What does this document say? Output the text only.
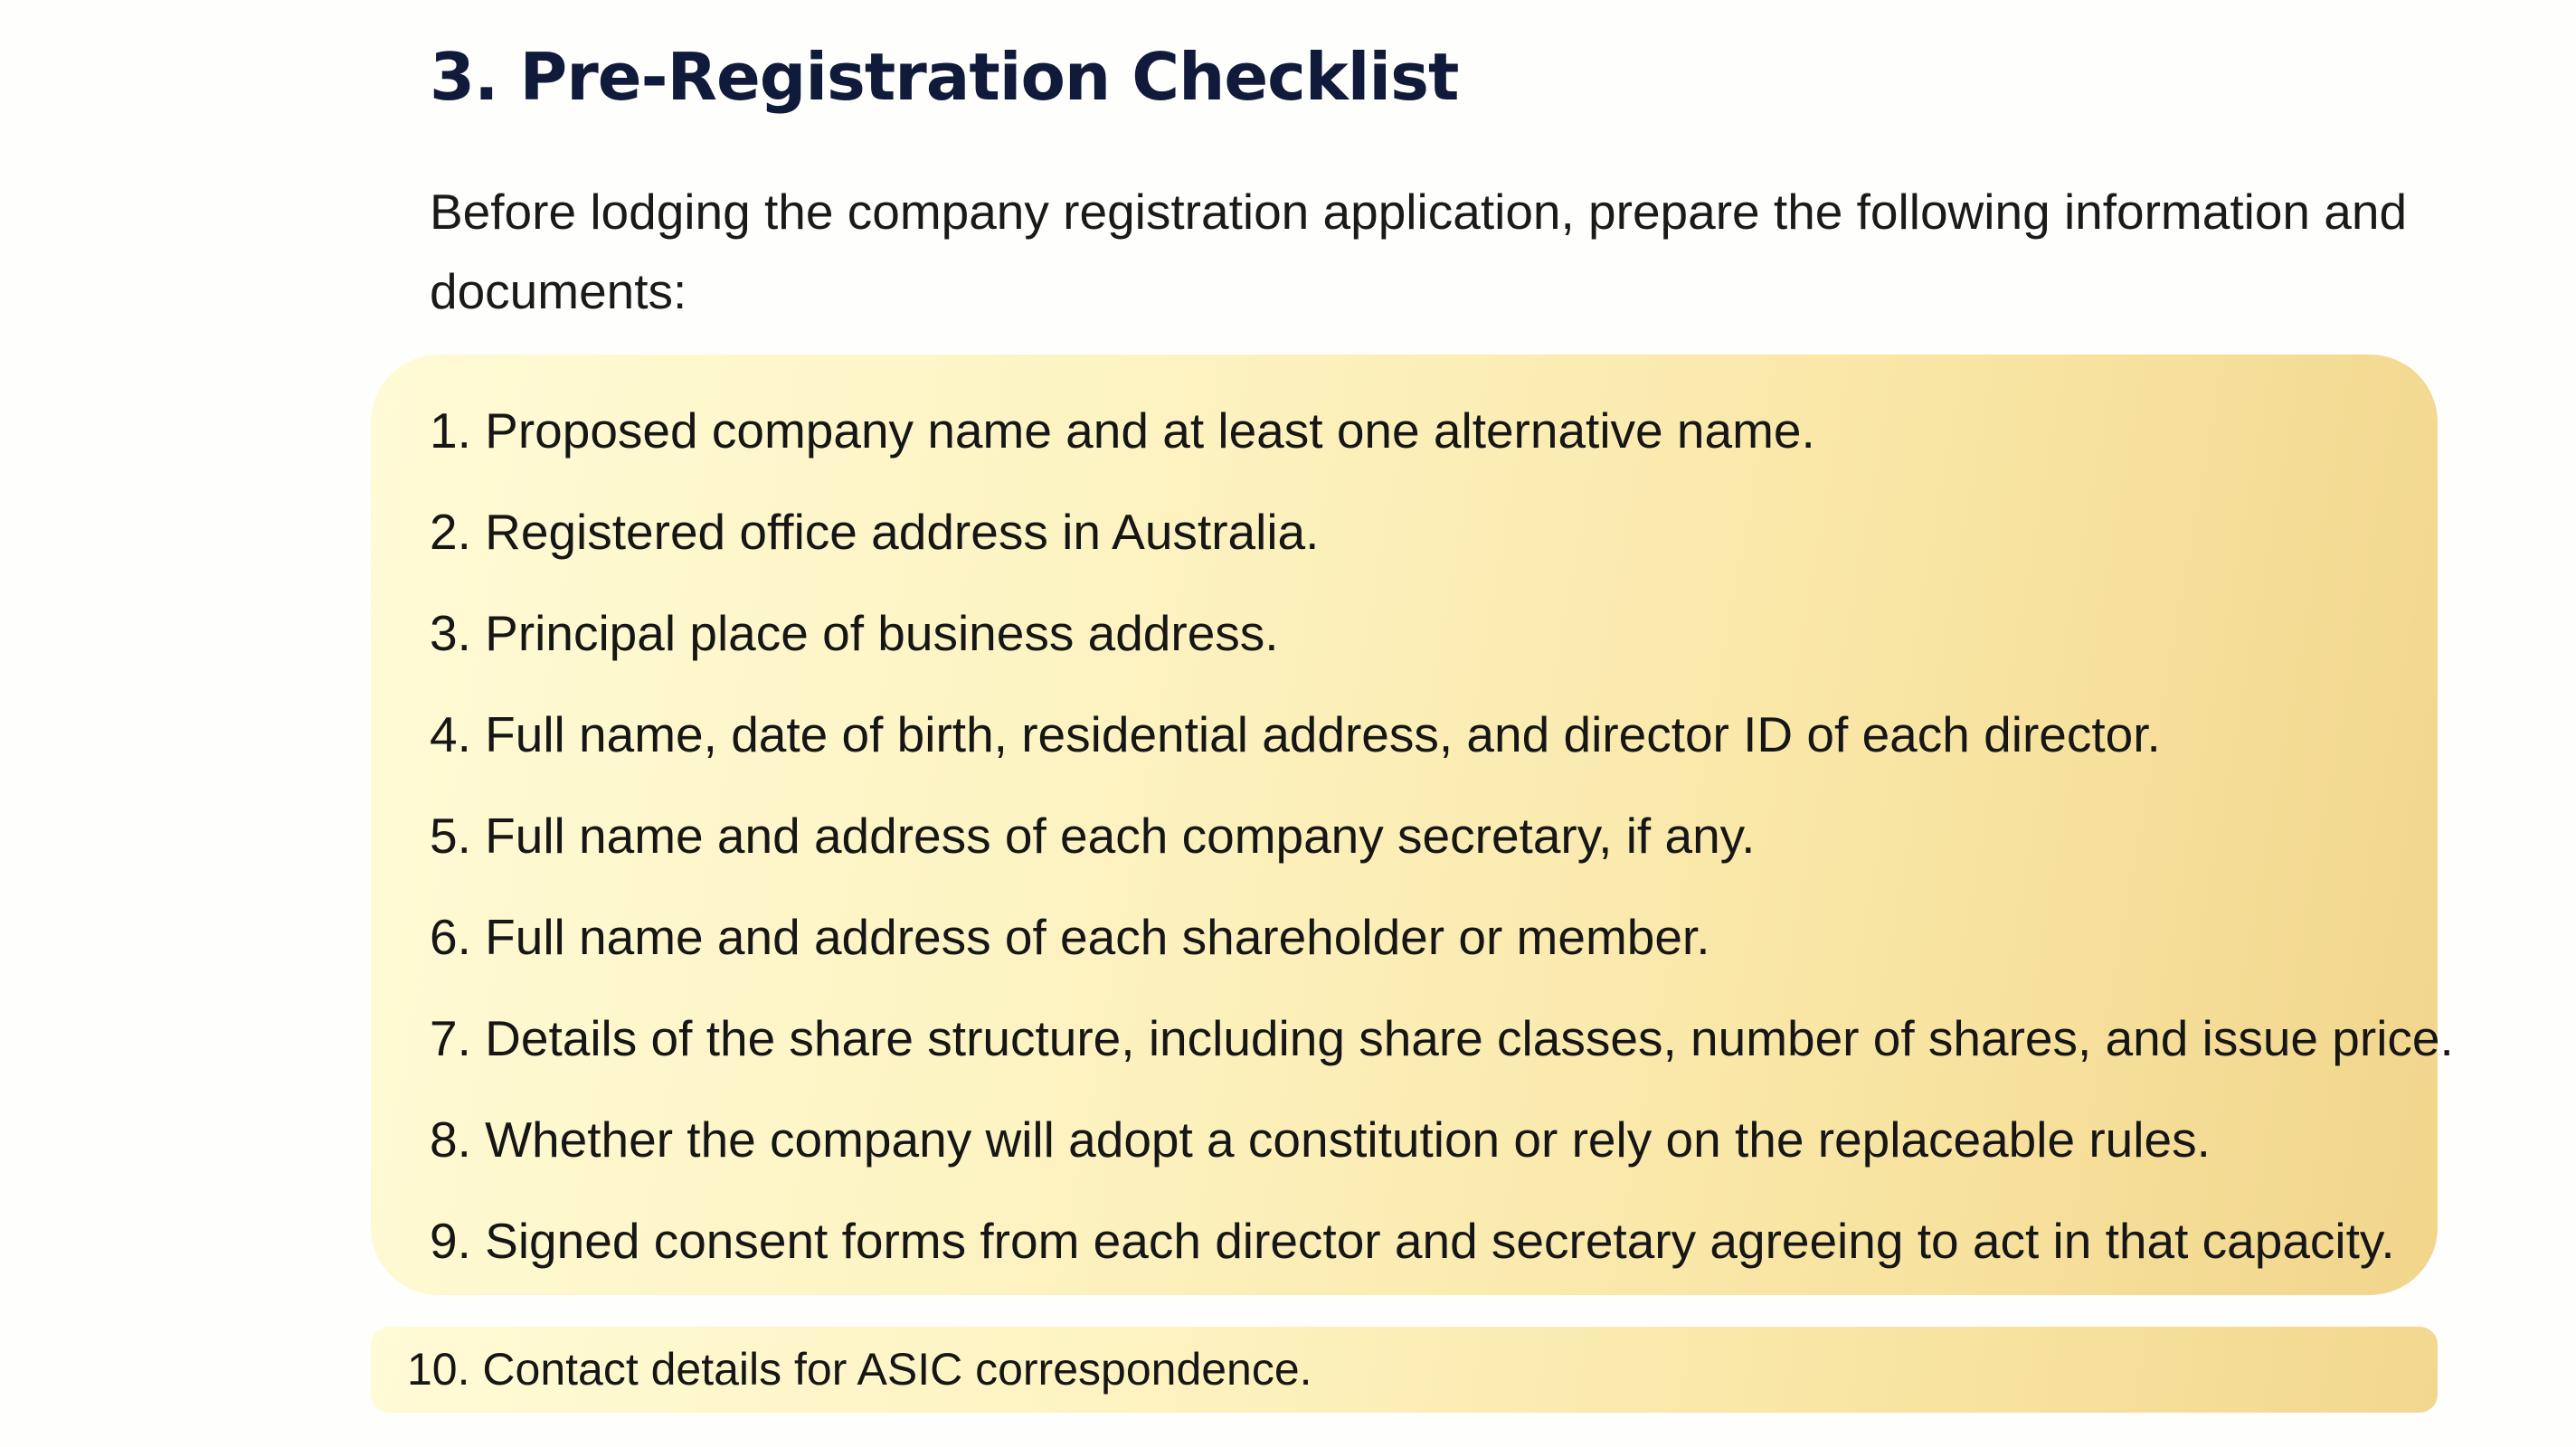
3. Pre-Registration Checklist

Before lodging the company registration application, prepare the following information and documents:

1. Proposed company name and at least one alternative name.
2. Registered office address in Australia.
3. Principal place of business address.
4. Full name, date of birth, residential address, and director ID of each director.
5. Full name and address of each company secretary, if any.
6. Full name and address of each shareholder or member.
7. Details of the share structure, including share classes, number of shares, and issue price.
8. Whether the company will adopt a constitution or rely on the replaceable rules.
9. Signed consent forms from each director and secretary agreeing to act in that capacity.
10. Contact details for ASIC correspondence.
